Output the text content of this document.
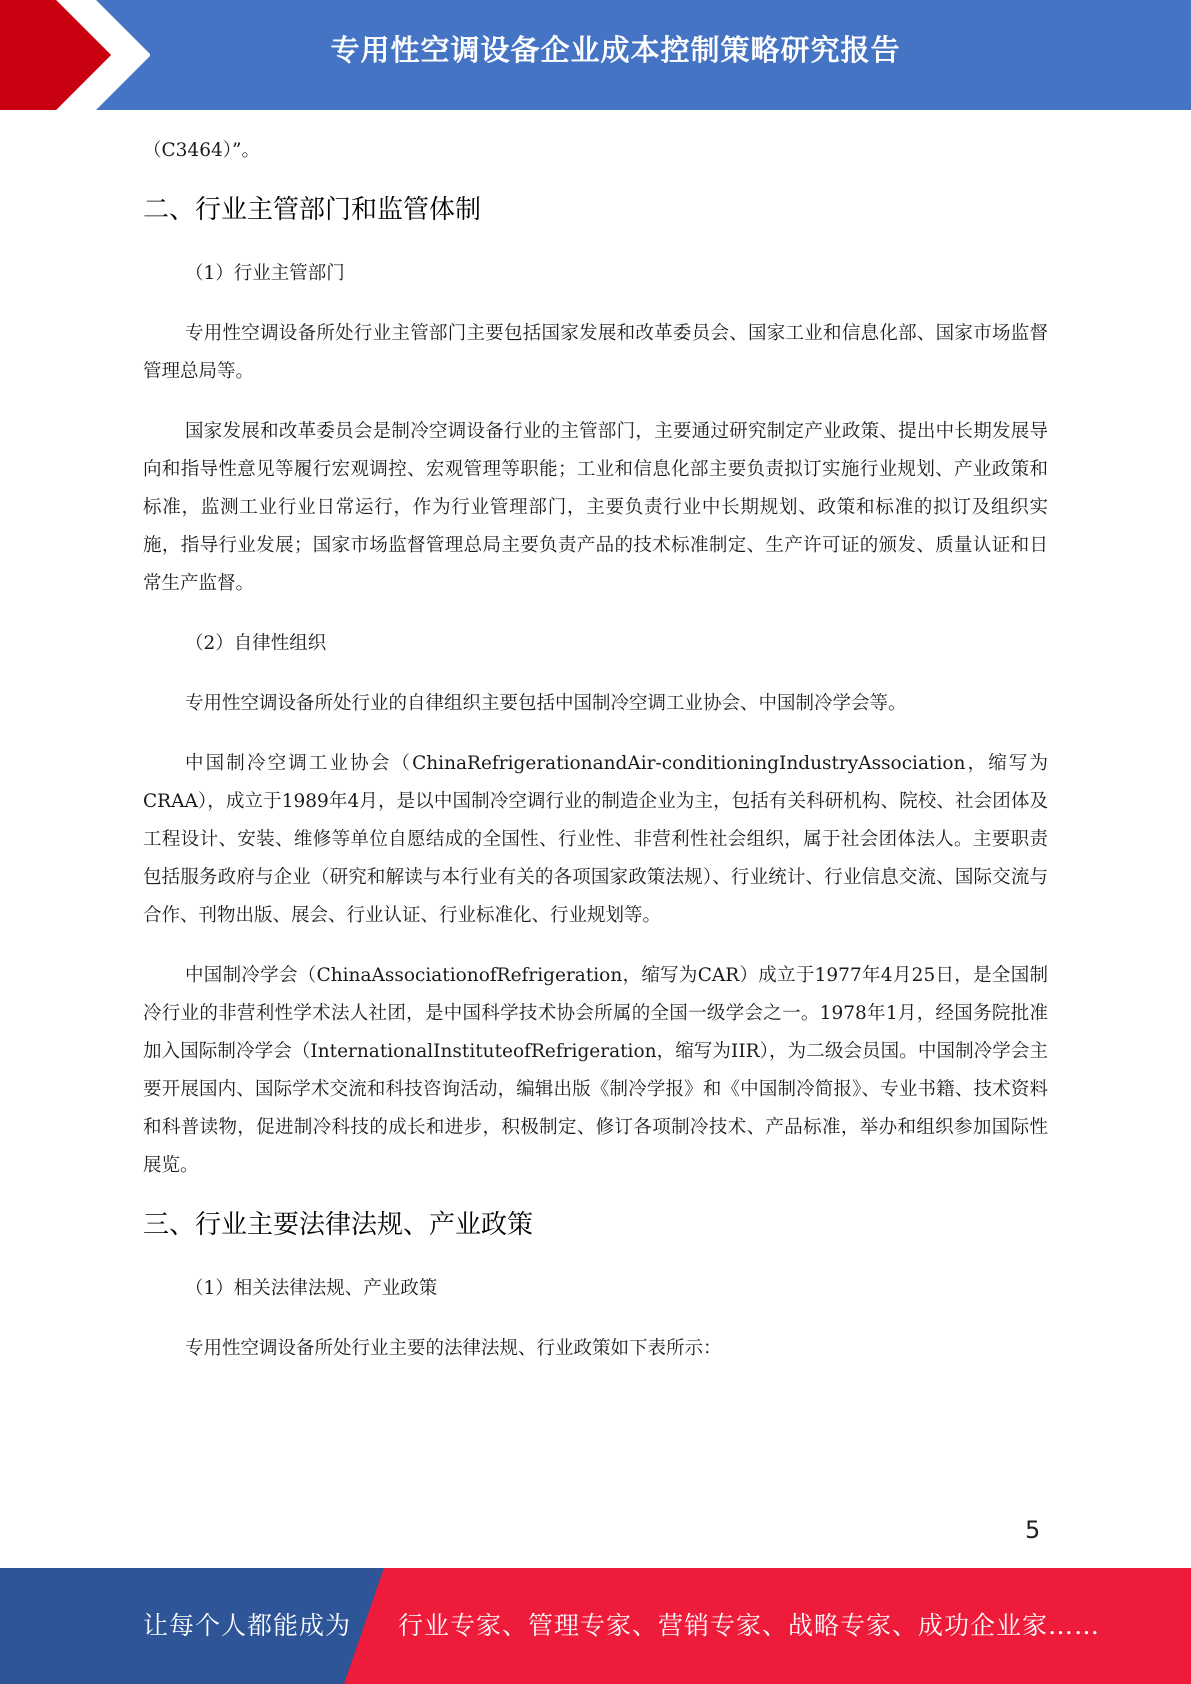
专用性空调设备企业成本控制策略研究报告

（C3464）”。

二、行业主管部门和监管体制

（1）行业主管部门

专用性空调设备所处行业主管部门主要包括国家发展和改革委员会、国家工业和信息化部、国家市场监督管理总局等。

国家发展和改革委员会是制冷空调设备行业的主管部门，主要通过研究制定产业政策、提出中长期发展导向和指导性意见等履行宏观调控、宏观管理等职能；工业和信息化部主要负责拟订实施行业规划、产业政策和标准，监测工业行业日常运行，作为行业管理部门，主要负责行业中长期规划、政策和标准的拟订及组织实施，指导行业发展；国家市场监督管理总局主要负责产品的技术标准制定、生产许可证的颁发、质量认证和日常生产监督。

（2）自律性组织

专用性空调设备所处行业的自律组织主要包括中国制冷空调工业协会、中国制冷学会等。

中国制冷空调工业协会（ChinaRefrigerationandAir-conditioningIndustryAssociation，缩写为CRAA），成立于1989年4月，是以中国制冷空调行业的制造企业为主，包括有关科研机构、院校、社会团体及工程设计、安装、维修等单位自愿结成的全国性、行业性、非营利性社会组织，属于社会团体法人。主要职责包括服务政府与企业（研究和解读与本行业有关的各项国家政策法规）、行业统计、行业信息交流、国际交流与合作、刊物出版、展会、行业认证、行业标准化、行业规划等。

中国制冷学会（ChinaAssociationofRefrigeration，缩写为CAR）成立于1977年4月25日，是全国制冷行业的非营利性学术法人社团，是中国科学技术协会所属的全国一级学会之一。1978年1月，经国务院批准加入国际制冷学会（InternationalInstituteofRefrigeration，缩写为IIR），为二级会员国。中国制冷学会主要开展国内、国际学术交流和科技咨询活动，编辑出版《制冷学报》和《中国制冷简报》、专业书籍、技术资料和科普读物，促进制冷科技的成长和进步，积极制定、修订各项制冷技术、产品标准，举办和组织参加国际性展览。

三、行业主要法律法规、产业政策

（1）相关法律法规、产业政策

专用性空调设备所处行业主要的法律法规、行业政策如下表所示：

5
让每个人都能成为 行业专家、管理专家、营销专家、战略专家、成功企业家……
